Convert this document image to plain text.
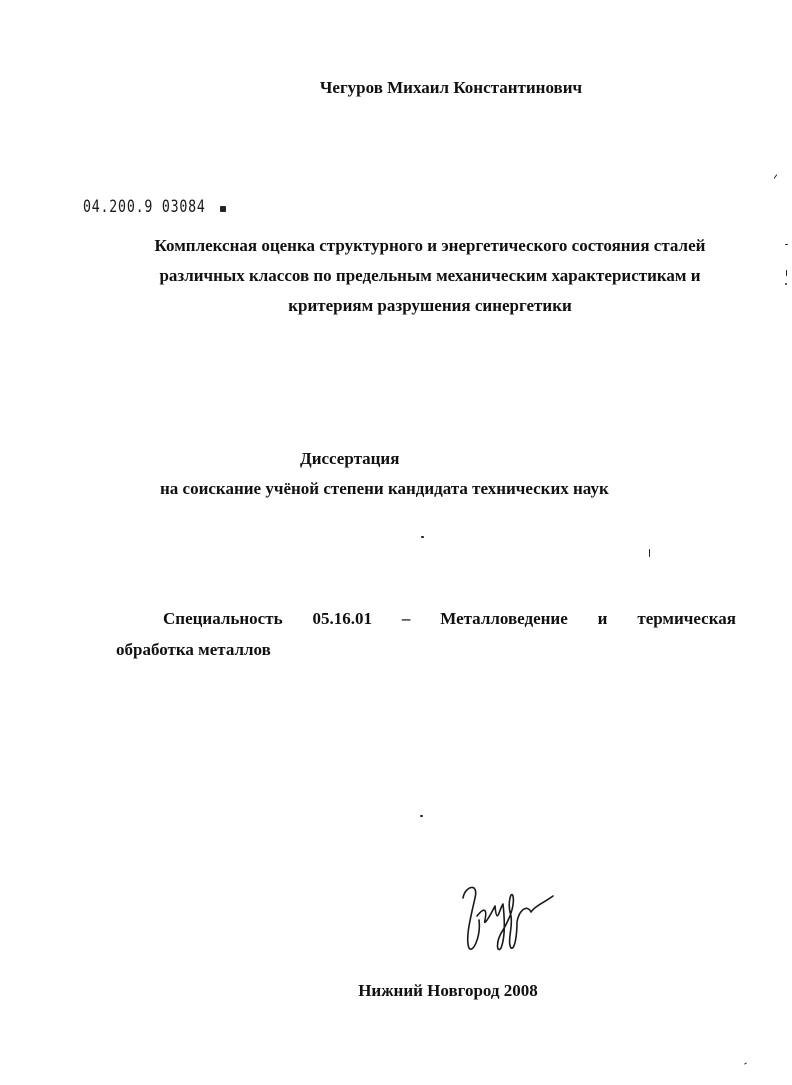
Чегуров Михаил Константинович
04.200.9 03084
Комплексная оценка структурного и энергетического состояния сталей
различных классов по предельным механическим характеристикам и
критериям разрушения синергетики
Диссертация
на соискание учёной степени кандидата технических наук
Специальность 05.16.01 – Металловедение и термическая
обработка металлов
Нижний Новгород 2008
